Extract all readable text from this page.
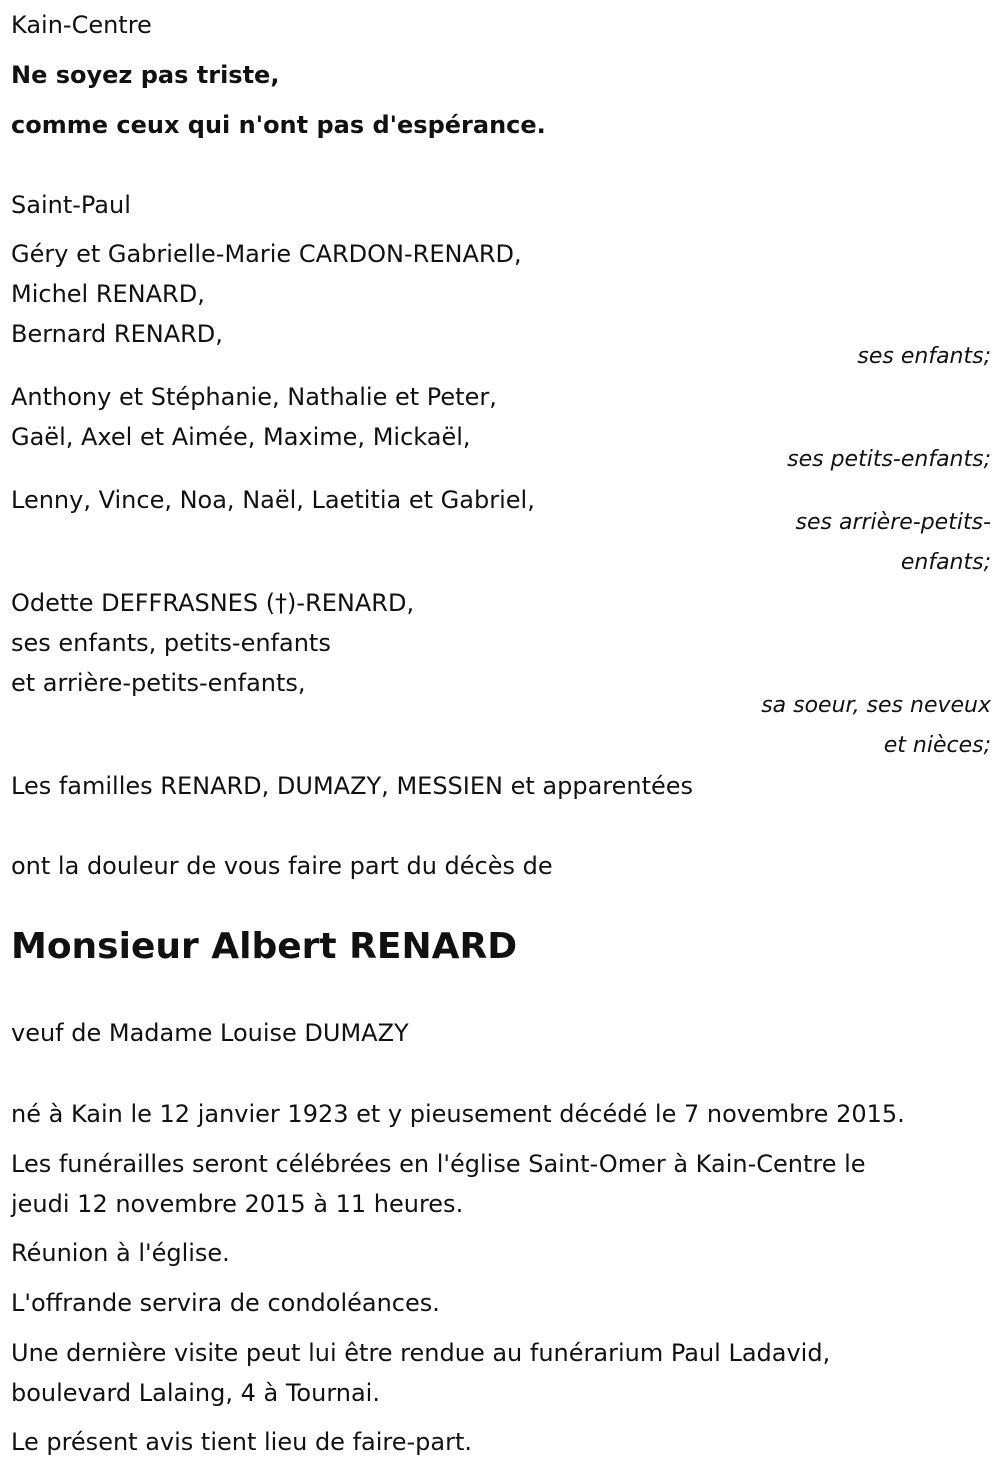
Kain-Centre

Ne soyez pas triste,

comme ceux qui n'ont pas d'espérance.

Saint-Paul

Géry et Gabrielle-Marie CARDON-RENARD,

Michel RENARD,

Bernard RENARD,

ses enfants;

Anthony et Stéphanie, Nathalie et Peter,

Gaël, Axel et Aimée, Maxime, Mickaël,

ses petits-enfants;

Lenny, Vince, Noa, Naël, Laetitia et Gabriel,

ses arrière-petits-

enfants;

Odette DEFFRASNES (†)-RENARD,

ses enfants, petits-enfants

et arrière-petits-enfants,

sa soeur, ses neveux

et nièces;

Les familles RENARD, DUMAZY, MESSIEN et apparentées

ont la douleur de vous faire part du décès de

Monsieur Albert RENARD

veuf de Madame Louise DUMAZY

né à Kain le 12 janvier 1923 et y pieusement décédé le 7 novembre 2015.

Les funérailles seront célébrées en l'église Saint-Omer à Kain-Centre le

jeudi 12 novembre 2015 à 11 heures.

Réunion à l'église.

L'offrande servira de condoléances.

Une dernière visite peut lui être rendue au funérarium Paul Ladavid,

boulevard Lalaing, 4 à Tournai.

Le présent avis tient lieu de faire-part.
